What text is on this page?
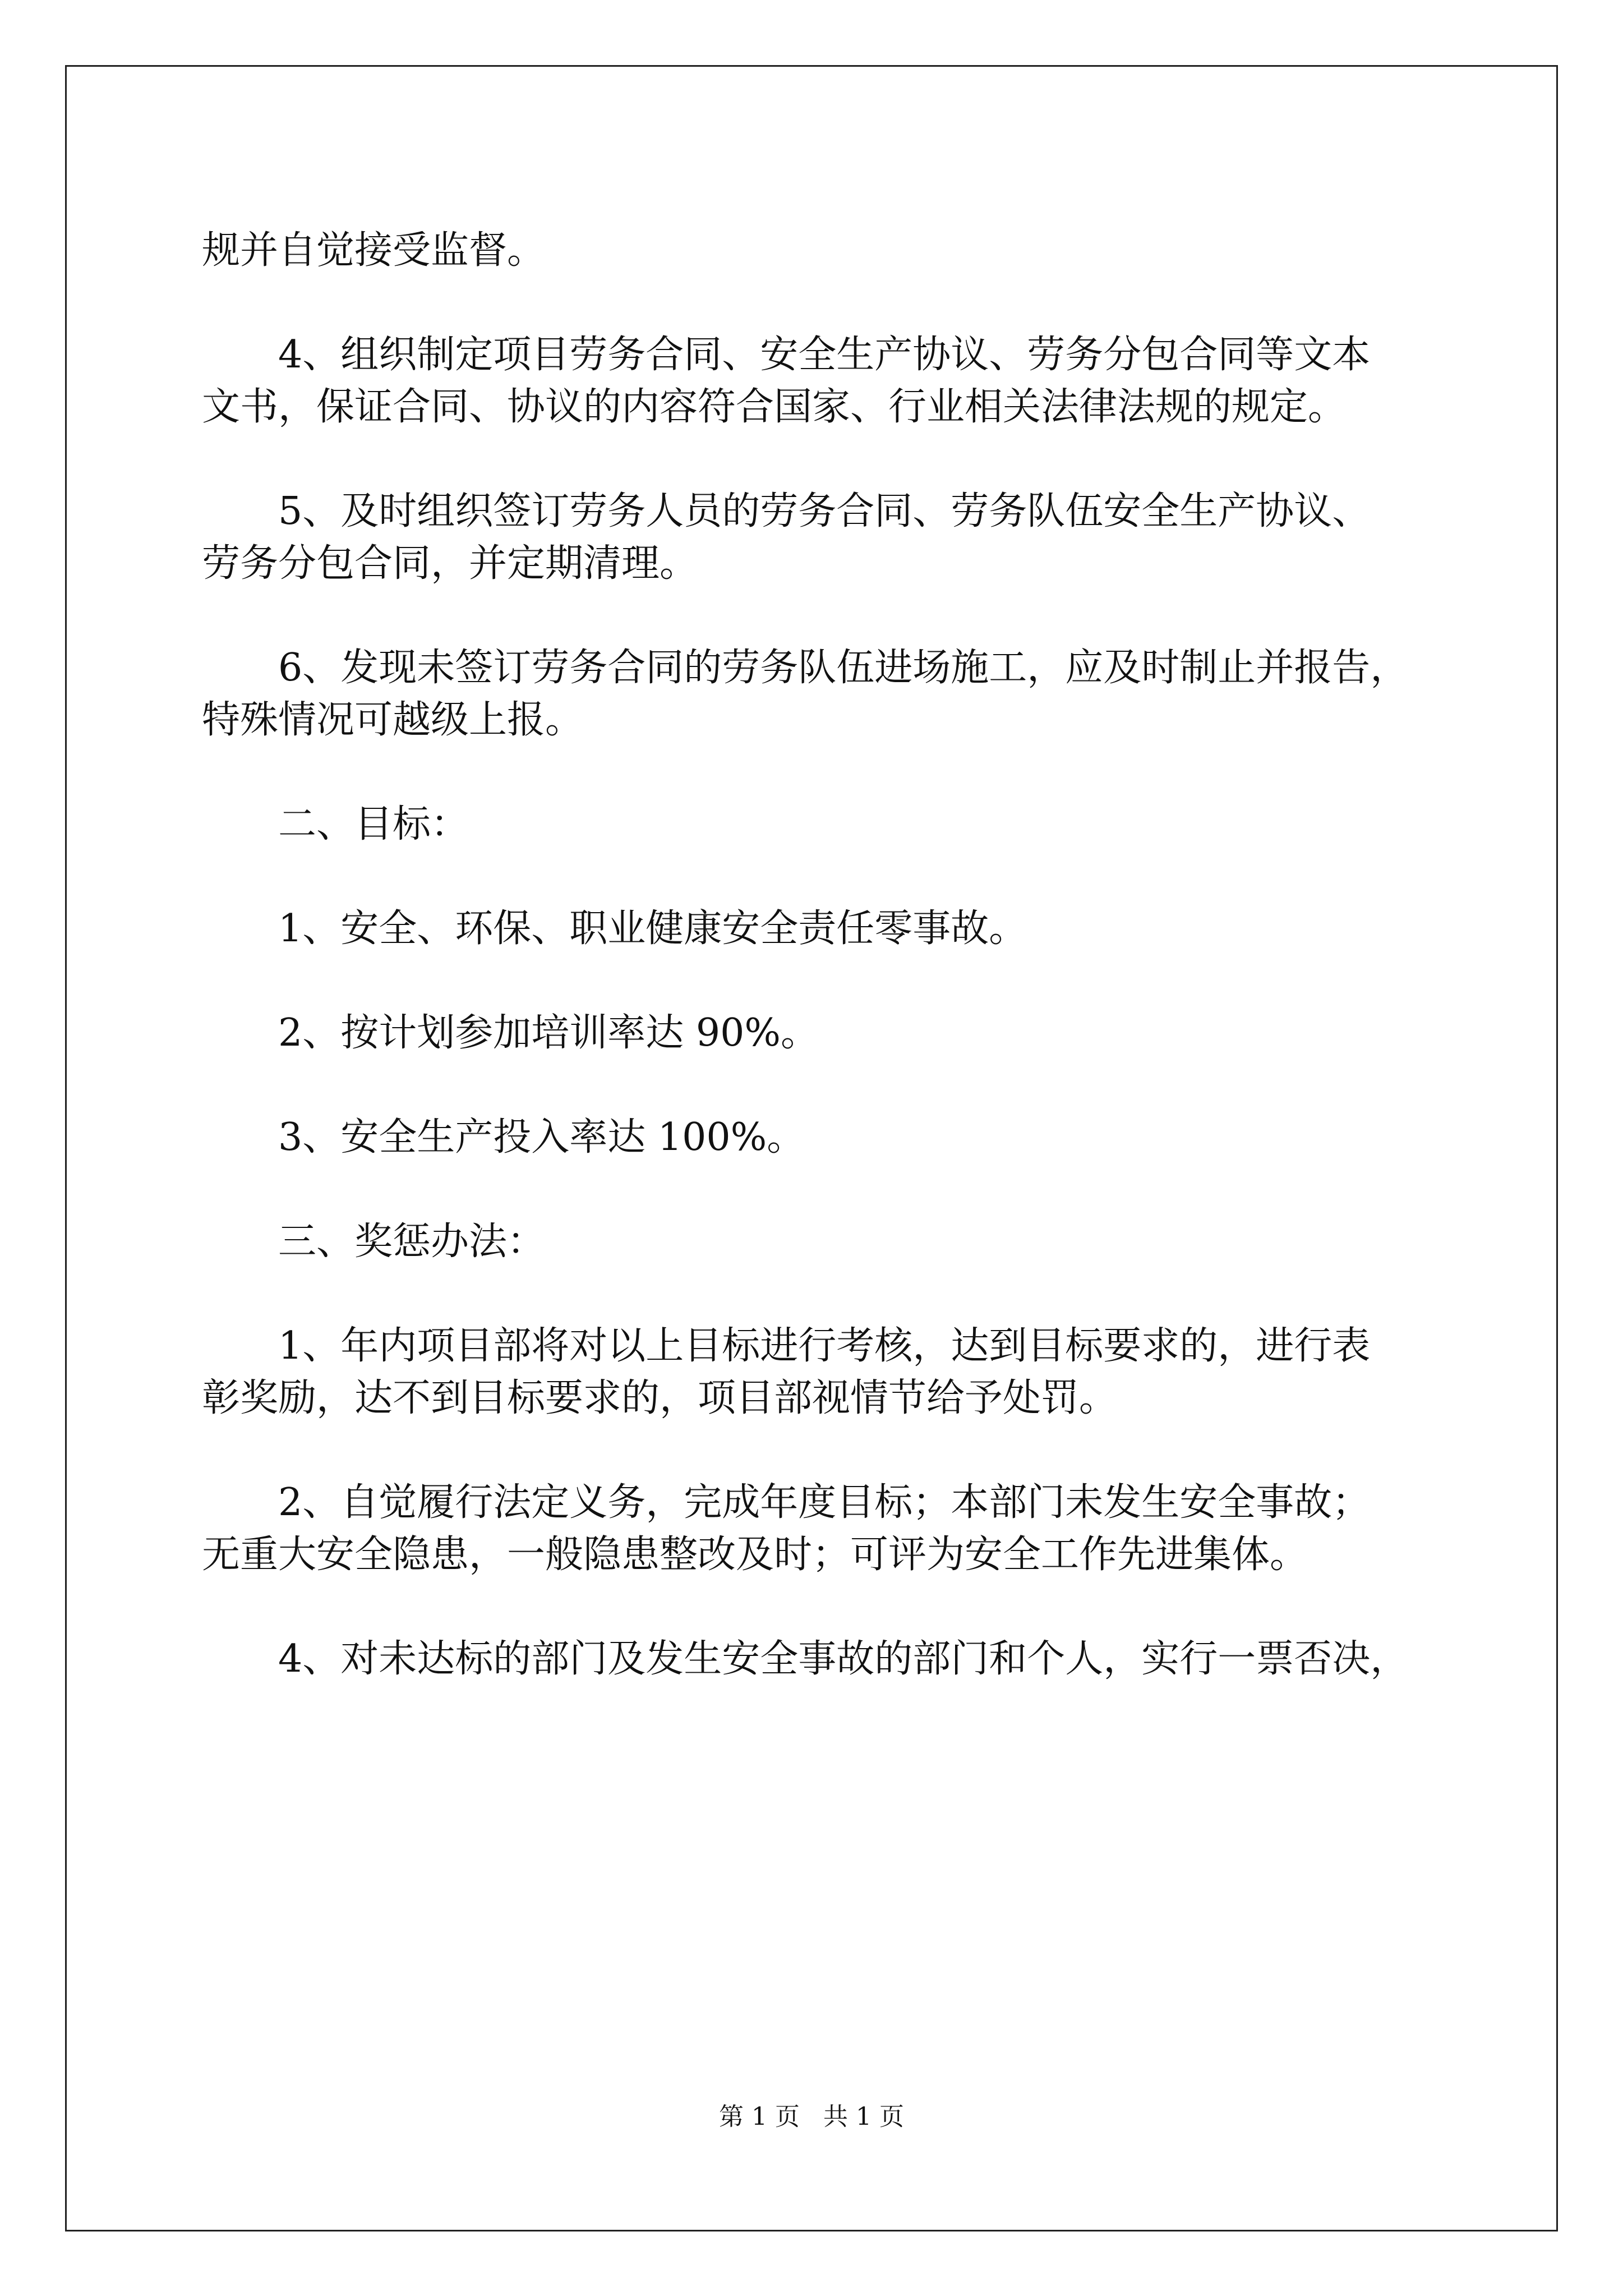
规并自觉接受监督。

4、组织制定项目劳务合同、安全生产协议、劳务分包合同等文本
文书，保证合同、协议的内容符合国家、行业相关法律法规的规定。

5、及时组织签订劳务人员的劳务合同、劳务队伍安全生产协议、
劳务分包合同，并定期清理。

6、发现未签订劳务合同的劳务队伍进场施工，应及时制止并报告，
特殊情况可越级上报。

二、目标：

1、安全、环保、职业健康安全责任零事故。

2、按计划参加培训率达 90%。

3、安全生产投入率达 100%。

三、奖惩办法：

1、年内项目部将对以上目标进行考核，达到目标要求的，进行表
彰奖励，达不到目标要求的，项目部视情节给予处罚。

2、自觉履行法定义务，完成年度目标；本部门未发生安全事故；
无重大安全隐患，一般隐患整改及时；可评为安全工作先进集体。

4、对未达标的部门及发生安全事故的部门和个人，实行一票否决，

第 1 页   共 1 页
